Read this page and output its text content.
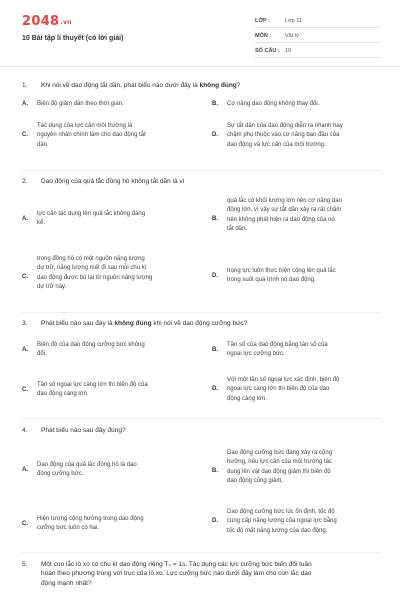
2048.vn
10 Bài tập lí thuyết (có lời giải)
LỚP :	Lớp 11
MÔN :	Vật lý
SỐ CÂU : 10
1. Khi nói về dao động tắt dần, phát biểu nào dưới đây là không đúng?
A. Biên độ giảm dần theo thời gian.	B. Cơ năng dao động không thay đổi.
C.
Tác dụng của lực cản môi trường là
nguyên nhân chính làm cho dao động tắt
dần.
D.
Sự tắt dần của dao động diễn ra nhanh hay
chậm phụ thuộc vào cơ năng ban đầu của
dao động và lực cản của môi trường.
2. Dao động của quả lắc đồng hồ không tắt dần là vì
A.
lực cản tác dụng lên quả lắc không đáng
kể.
B.
quả lắc có khối lượng lớn nên cơ năng dao
động lớn, vì vậy sự tắt dần xảy ra rất chậm
nên không phát hiện ra dao động của nó
tắt dần.
C.
trong đồng hồ có một nguồn năng lượng
dự trữ, năng lượng mất đi sau mỗi chu kì
dao động được bù lại từ nguồn năng lượng
dự trữ này.
D.
trọng lực luôn thực hiện công lên quả lắc
trong suốt quá trình nó dao động.
3. Phát biểu nào sau đây là không đúng khi nói về dao động cưỡng bức?
A.
Biên độ của dao động cưỡng bức không
đổi.
B.
Tần số của dao động bằng tần số của
ngoại lực cưỡng bức.
C.
Tần số ngoại lực càng lớn thì biên độ của
dao động càng lớn.
D.
Với một tần số ngoại lực xác định, biên độ
ngoại lực càng lớn thì biên độ của dao
động càng lớn.
4. Phát biểu nào sau đây đúng?
A.
Dao động của quả lắc đồng hồ là dao
động cưỡng bức.
B.
Dao động cưỡng bức đang xảy ra cộng
hưởng, nếu lực cản của môi trường tác
dụng lên vật dao động giảm thì biên độ
dao động cũng giảm.
C.
Hiện tượng cộng hưởng trong dao động
cưỡng bức luôn có hại.
D.
Dao động cưỡng bức lúc ổn định, tốc độ
cung cấp năng lượng của ngoại lực bằng
tốc độ mất năng lượng của dao động.
5. Một con lắc lò xo có chu kì dao động riêng T₀ = 1s. Tác dụng các lực cưỡng bức biến đổi tuần
hoàn theo phương trùng với trục của lò xo. Lực cưỡng bức nào dưới đây làm cho con lắc dao
động mạnh nhất?
